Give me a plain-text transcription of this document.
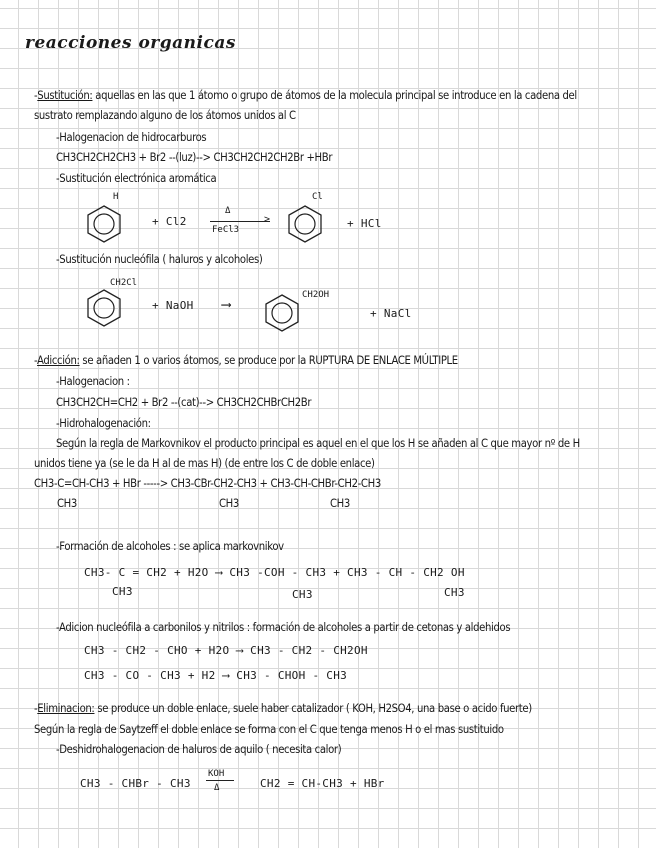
reacciones organicas
-Sustitución: aquellas en las que 1 átomo o grupo de átomos de la molecula principal se introduce en la cadena del
sustrato remplazando alguno de los átomos unidos al C
-Halogenacion de hidrocarburos
CH3CH2CH2CH3 + Br2 --(luz)--> CH3CH2CH2CH2Br +HBr
-Sustitución electrónica aromática
H
+ Cl2
Δ
>
FeCl3
Cl
+ HCl
-Sustitución nucleófila ( haluros y alcoholes)
CH2Cl
+ NaOH ⟶
CH2OH
+ NaCl
-Adicción: se añaden 1 o varios átomos, se produce por la RUPTURA DE ENLACE MÚLTIPLE
-Halogenacion :
CH3CH2CH=CH2 + Br2 --(cat)--> CH3CH2CHBrCH2Br
-Hidrohalogenación:
Según la regla de Markovnikov el producto principal es aquel en el que los H se añaden al C que mayor nº de H
unidos tiene ya (se le da H al de mas H) (de entre los C de doble enlace)
CH3-C=CH-CH3 + HBr -----> CH3-CBr-CH2-CH3 + CH3-CH-CHBr-CH2-CH3
CH3	CH3	CH3
-Formación de alcoholes : se aplica markovnikov
CH3- C = CH2 + H2O ⟶ CH3 -COH - CH3 + CH3 - CH - CH2 OH
CH3	CH3	CH3
-Adicion nucleófila a carbonilos y nitrilos : formación de alcoholes a partir de cetonas y aldehidos
CH3 - CH2 - CHO + H2O ⟶ CH3 - CH2 - CH2OH
CH3 - CO - CH3 + H2 ⟶ CH3 - CHOH - CH3
-Eliminacion: se produce un doble enlace, suele haber catalizador ( KOH, H2SO4, una base o acido fuerte)
Según la regla de Saytzeff el doble enlace se forma con el C que tenga menos H o el mas sustituido
-Deshidrohalogenacion de haluros de aquilo ( necesita calor)
CH3 - CHBr - CH3
KOH
Δ	CH2 = CH-CH3 + HBr
